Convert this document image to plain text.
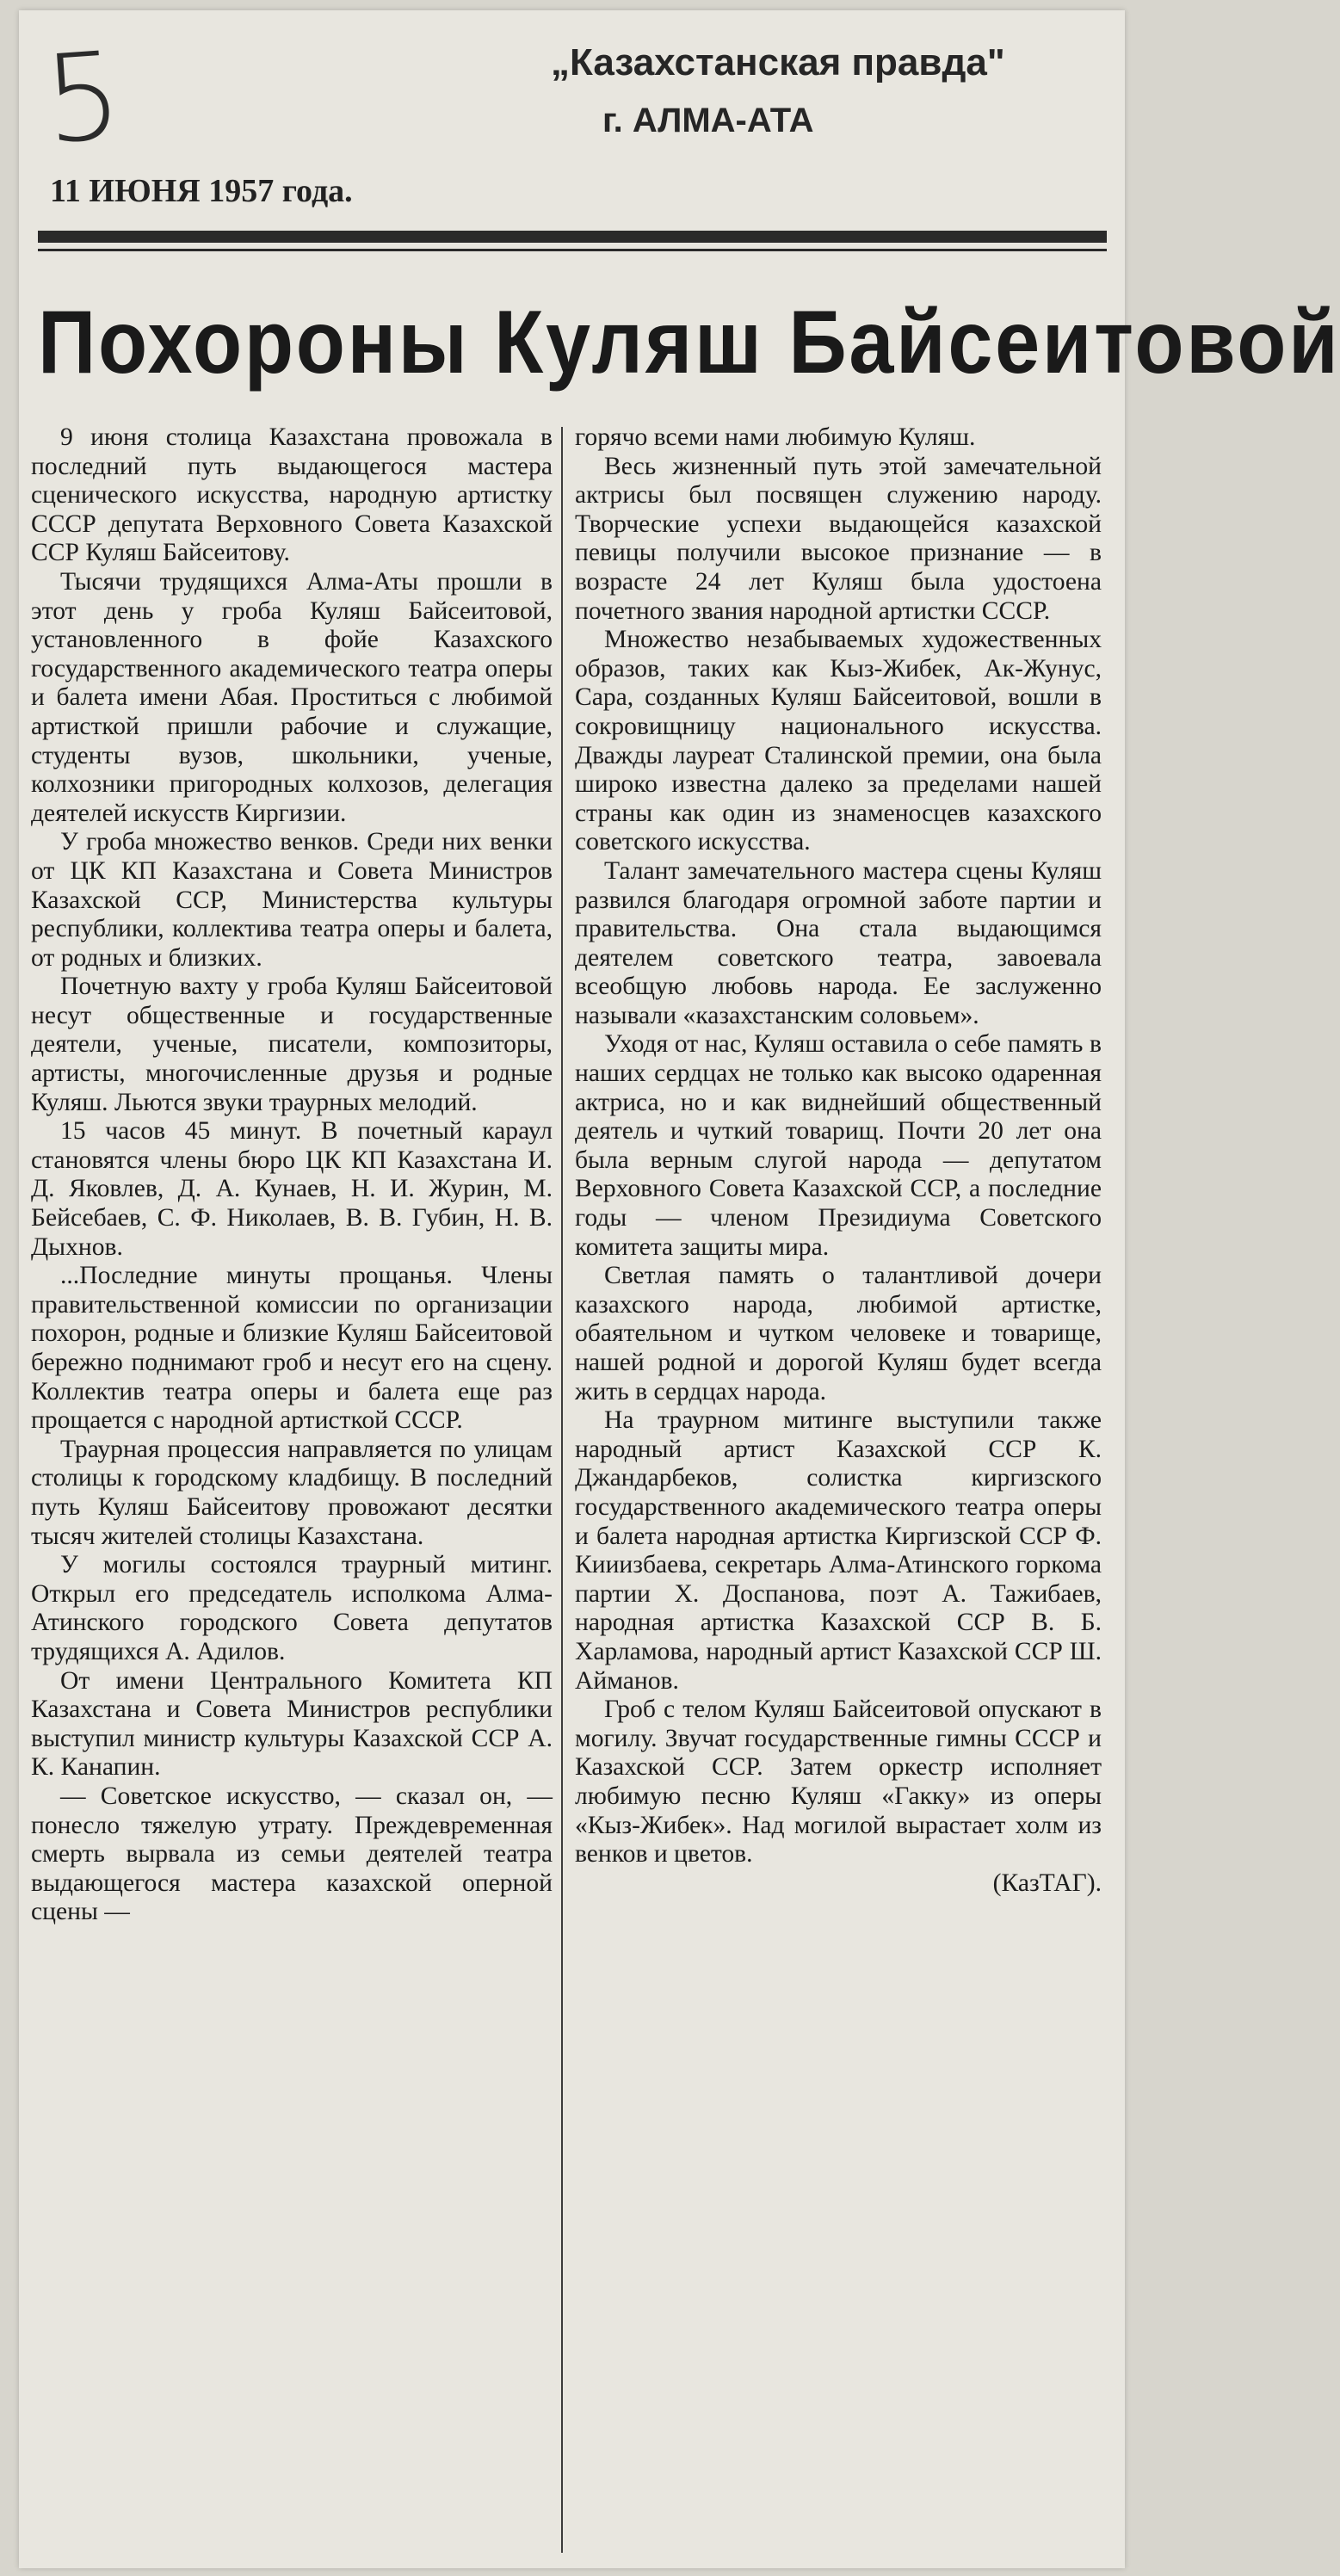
5	„Казахстанская правда"
г. АЛМА-АТА
11 ИЮНЯ 1957 года.
Похороны Куляш Байсеитовой

9 июня столица Казахстана провожала в последний путь выдающегося мастера сценического искусства, народную артистку СССР депутата Верховного Совета Казахской ССР Куляш Байсеитову.

Тысячи трудящихся Алма-Аты прошли в этот день у гроба Куляш Байсеитовой, установленного в фойе Казахского государственного академического театра оперы и балета имени Абая. Проститься с любимой артисткой пришли рабочие и служащие, студенты вузов, школьники, ученые, колхозники пригородных колхозов, делегация деятелей искусств Киргизии.

У гроба множество венков. Среди них венки от ЦК КП Казахстана и Совета Министров Казахской ССР, Министерства культуры республики, коллектива театра оперы и балета, от родных и близких.

Почетную вахту у гроба Куляш Байсеитовой несут общественные и государственные деятели, ученые, писатели, композиторы, артисты, многочисленные друзья и родные Куляш. Льются звуки траурных мелодий.

15 часов 45 минут. В почетный караул становятся члены бюро ЦК КП Казахстана И. Д. Яковлев, Д. А. Кунаев, Н. И. Журин, М. Бейсебаев, С. Ф. Николаев, В. В. Губин, Н. В. Дыхнов.

...Последние минуты прощанья. Члены правительственной комиссии по организации похорон, родные и близкие Куляш Байсеитовой бережно поднимают гроб и несут его на сцену. Коллектив театра оперы и балета еще раз прощается с народной артисткой СССР.

Траурная процессия направляется по улицам столицы к городскому кладбищу. В последний путь Куляш Байсеитову провожают десятки тысяч жителей столицы Казахстана.

У могилы состоялся траурный митинг. Открыл его председатель исполкома Алма-Атинского городского Совета депутатов трудящихся А. Адилов.

От имени Центрального Комитета КП Казахстана и Совета Министров республики выступил министр культуры Казахской ССР А. К. Канапин.

— Советское искусство, — сказал он, — понесло тяжелую утрату. Преждевременная смерть вырвала из семьи деятелей театра выдающегося мастера казахской оперной сцены —

горячо всеми нами любимую Куляш.

Весь жизненный путь этой замечательной актрисы был посвящен служению народу. Творческие успехи выдающейся казахской певицы получили высокое признание — в возрасте 24 лет Куляш была удостоена почетного звания народной артистки СССР.

Множество незабываемых художественных образов, таких как Кыз-Жибек, Ак-Жунус, Сара, созданных Куляш Байсеитовой, вошли в сокровищницу национального искусства. Дважды лауреат Сталинской премии, она была широко известна далеко за пределами нашей страны как один из знаменосцев казахского советского искусства.

Талант замечательного мастера сцены Куляш развился благодаря огромной заботе партии и правительства. Она стала выдающимся деятелем советского театра, завоевала всеобщую любовь народа. Ее заслуженно называли «казахстанским соловьем».

Уходя от нас, Куляш оставила о себе память в наших сердцах не только как высоко одаренная актриса, но и как виднейший общественный деятель и чуткий товарищ. Почти 20 лет она была верным слугой народа — депутатом Верховного Совета Казахской ССР, а последние годы — членом Президиума Советского комитета защиты мира.

Светлая память о талантливой дочери казахского народа, любимой артистке, обаятельном и чутком человеке и товарище, нашей родной и дорогой Куляш будет всегда жить в сердцах народа.

На траурном митинге выступили также народный артист Казахской ССР К. Джандарбеков, солистка киргизского государственного академического театра оперы и балета народная артистка Киргизской ССР Ф. Кииизбаева, секретарь Алма-Атинского горкома партии Х. Доспанова, поэт А. Тажибаев, народная артистка Казахской ССР В. Б. Харламова, народный артист Казахской ССР Ш. Айманов.

Гроб с телом Куляш Байсеитовой опускают в могилу. Звучат государственные гимны СССР и Казахской ССР. Затем оркестр исполняет любимую песню Куляш «Гакку» из оперы «Кыз-Жибек». Над могилой вырастает холм из венков и цветов.

(КазТАГ).
